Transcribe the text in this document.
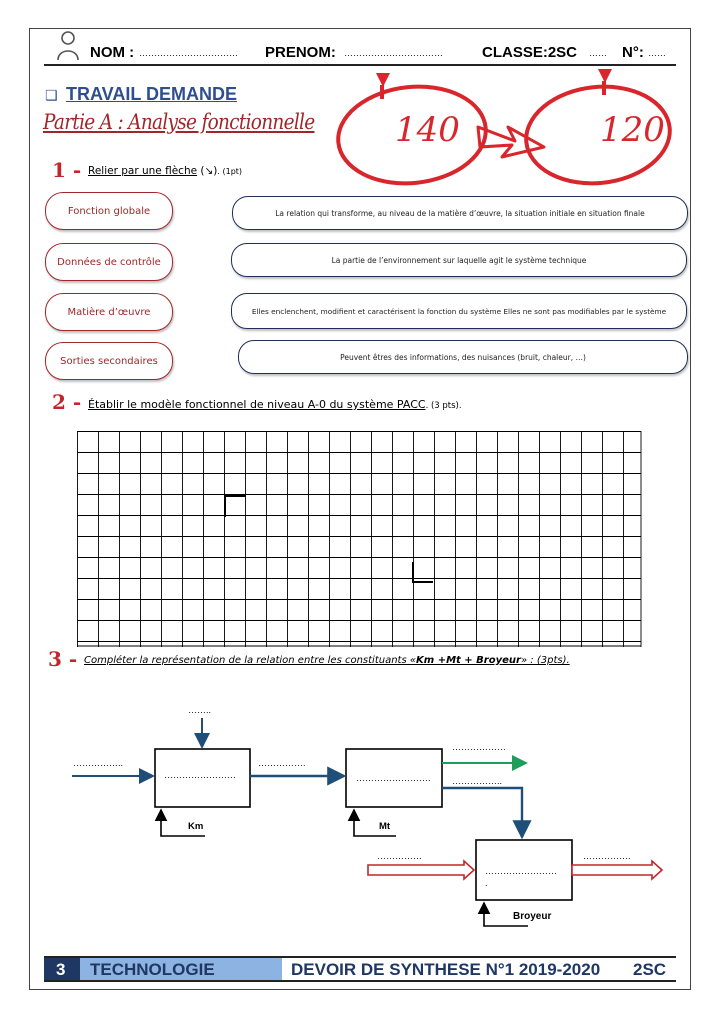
NOM : …………………………… PRENOM: ……………………………	CLASSE:2SC …… N°: ……
❑ TRAVAIL DEMANDE
Partie A : Analyse fonctionnelle 140	120
1 - Relier par une flèche (↘). (1pt)
Fonction globale
Données de contrôle
Matière d’œuvre
Sorties secondaires
La relation qui transforme, au niveau de la matière d’œuvre, la situation initiale en situation finale
La partie de l’environnement sur laquelle agit le système technique
Elles enclenchent, modifient et caractérisent la fonction du système Elles ne sont pas modifiables par le système
Peuvent êtres des informations, des nuisances (bruit, chaleur, …)
2 - Établir le modèle fonctionnel de niveau A-0 du système PACC. (3 pts).
3 - Compléter la représentation de la relation entre les constituants «Km +Mt + Broyeur» : (3pts).
……..
……………..
……………………
…………….
…………………….
………………
……………..
……………
……………………
.
…………….
Km	Mt
Broyeur
3 TECHNOLOGIE	DEVOIR DE SYNTHESE N°1 2019-2020 2SC
